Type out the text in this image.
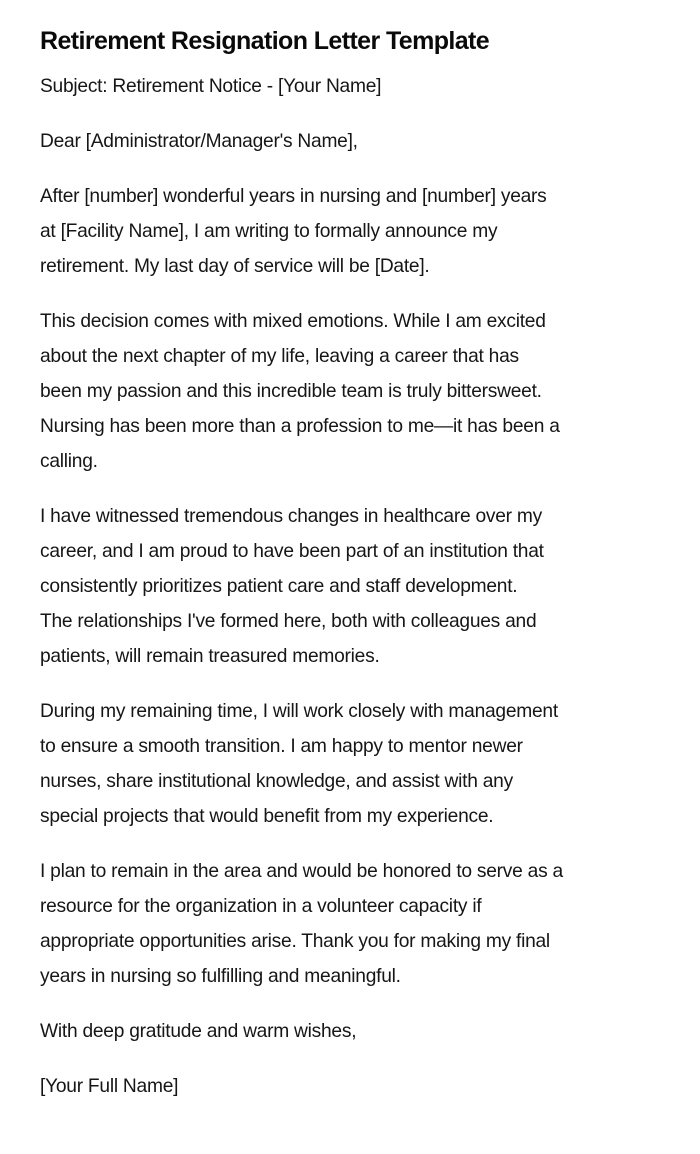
Retirement Resignation Letter Template

Subject: Retirement Notice - [Your Name]

Dear [Administrator/Manager's Name],

After [number] wonderful years in nursing and [number] years
at [Facility Name], I am writing to formally announce my
retirement. My last day of service will be [Date].

This decision comes with mixed emotions. While I am excited
about the next chapter of my life, leaving a career that has
been my passion and this incredible team is truly bittersweet.
Nursing has been more than a profession to me—it has been a
calling.

I have witnessed tremendous changes in healthcare over my
career, and I am proud to have been part of an institution that
consistently prioritizes patient care and staff development.
The relationships I've formed here, both with colleagues and
patients, will remain treasured memories.

During my remaining time, I will work closely with management
to ensure a smooth transition. I am happy to mentor newer
nurses, share institutional knowledge, and assist with any
special projects that would benefit from my experience.

I plan to remain in the area and would be honored to serve as a
resource for the organization in a volunteer capacity if
appropriate opportunities arise. Thank you for making my final
years in nursing so fulfilling and meaningful.

With deep gratitude and warm wishes,

[Your Full Name]
